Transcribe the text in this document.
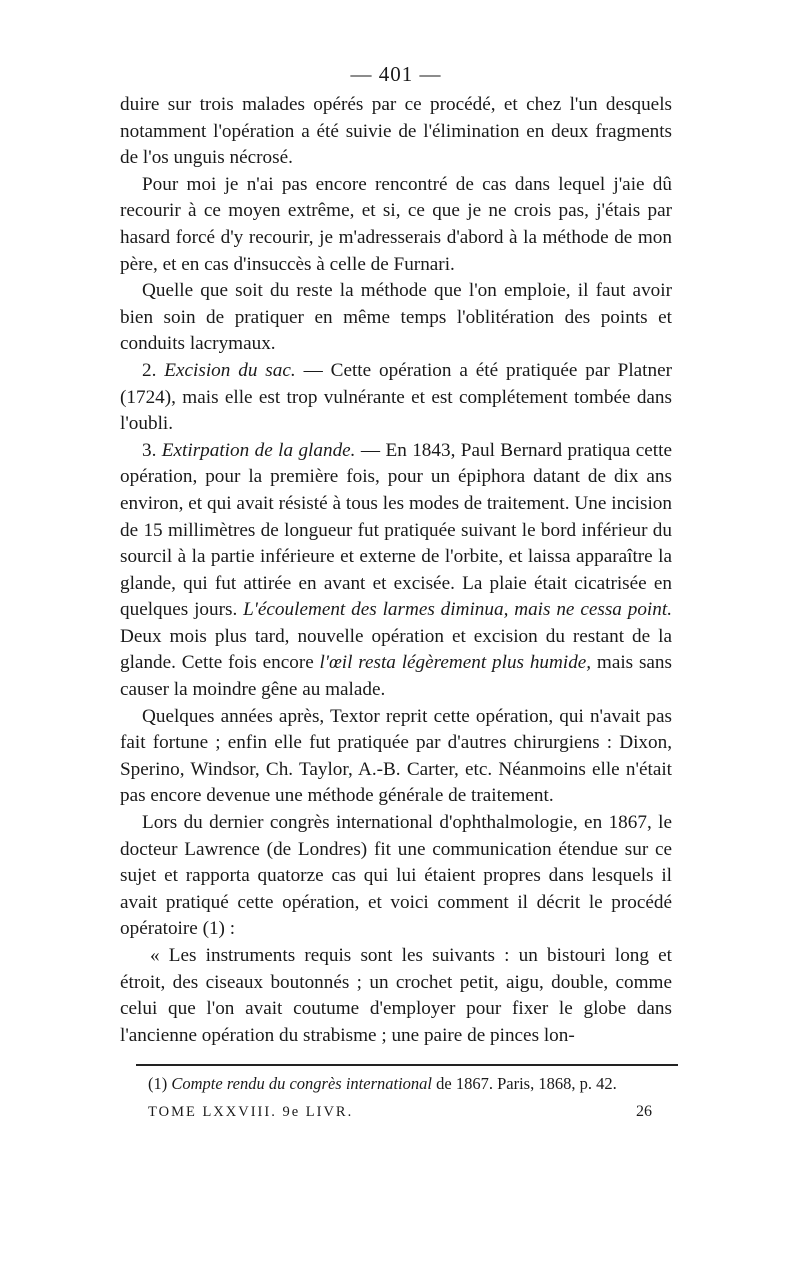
— 401 —

duire sur trois malades opérés par ce procédé, et chez l'un desquels notamment l'opération a été suivie de l'élimination en deux fragments de l'os unguis nécrosé.

Pour moi je n'ai pas encore rencontré de cas dans lequel j'aie dû recourir à ce moyen extrême, et si, ce que je ne crois pas, j'étais par hasard forcé d'y recourir, je m'adresserais d'abord à la méthode de mon père, et en cas d'insuccès à celle de Furnari.

Quelle que soit du reste la méthode que l'on emploie, il faut avoir bien soin de pratiquer en même temps l'oblitération des points et conduits lacrymaux.

2. Excision du sac. — Cette opération a été pratiquée par Platner (1724), mais elle est trop vulnérante et est complétement tombée dans l'oubli.

3. Extirpation de la glande. — En 1843, Paul Bernard pratiqua cette opération, pour la première fois, pour un épiphora datant de dix ans environ, et qui avait résisté à tous les modes de traitement. Une incision de 15 millimètres de longueur fut pratiquée suivant le bord inférieur du sourcil à la partie inférieure et externe de l'orbite, et laissa apparaître la glande, qui fut attirée en avant et excisée. La plaie était cicatrisée en quelques jours. L'écoulement des larmes diminua, mais ne cessa point. Deux mois plus tard, nouvelle opération et excision du restant de la glande. Cette fois encore l'œil resta légèrement plus humide, mais sans causer la moindre gêne au malade.

Quelques années après, Textor reprit cette opération, qui n'avait pas fait fortune ; enfin elle fut pratiquée par d'autres chirurgiens : Dixon, Sperino, Windsor, Ch. Taylor, A.-B. Carter, etc. Néanmoins elle n'était pas encore devenue une méthode générale de traitement.

Lors du dernier congrès international d'ophthalmologie, en 1867, le docteur Lawrence (de Londres) fit une communication étendue sur ce sujet et rapporta quatorze cas qui lui étaient propres dans lesquels il avait pratiqué cette opération, et voici comment il décrit le procédé opératoire (1) :

« Les instruments requis sont les suivants : un bistouri long et étroit, des ciseaux boutonnés ; un crochet petit, aigu, double, comme celui que l'on avait coutume d'employer pour fixer le globe dans l'ancienne opération du strabisme ; une paire de pinces lon-

(1) Compte rendu du congrès international de 1867. Paris, 1868, p. 42.
TOME LXXVIII. 9e LIVR.	26
